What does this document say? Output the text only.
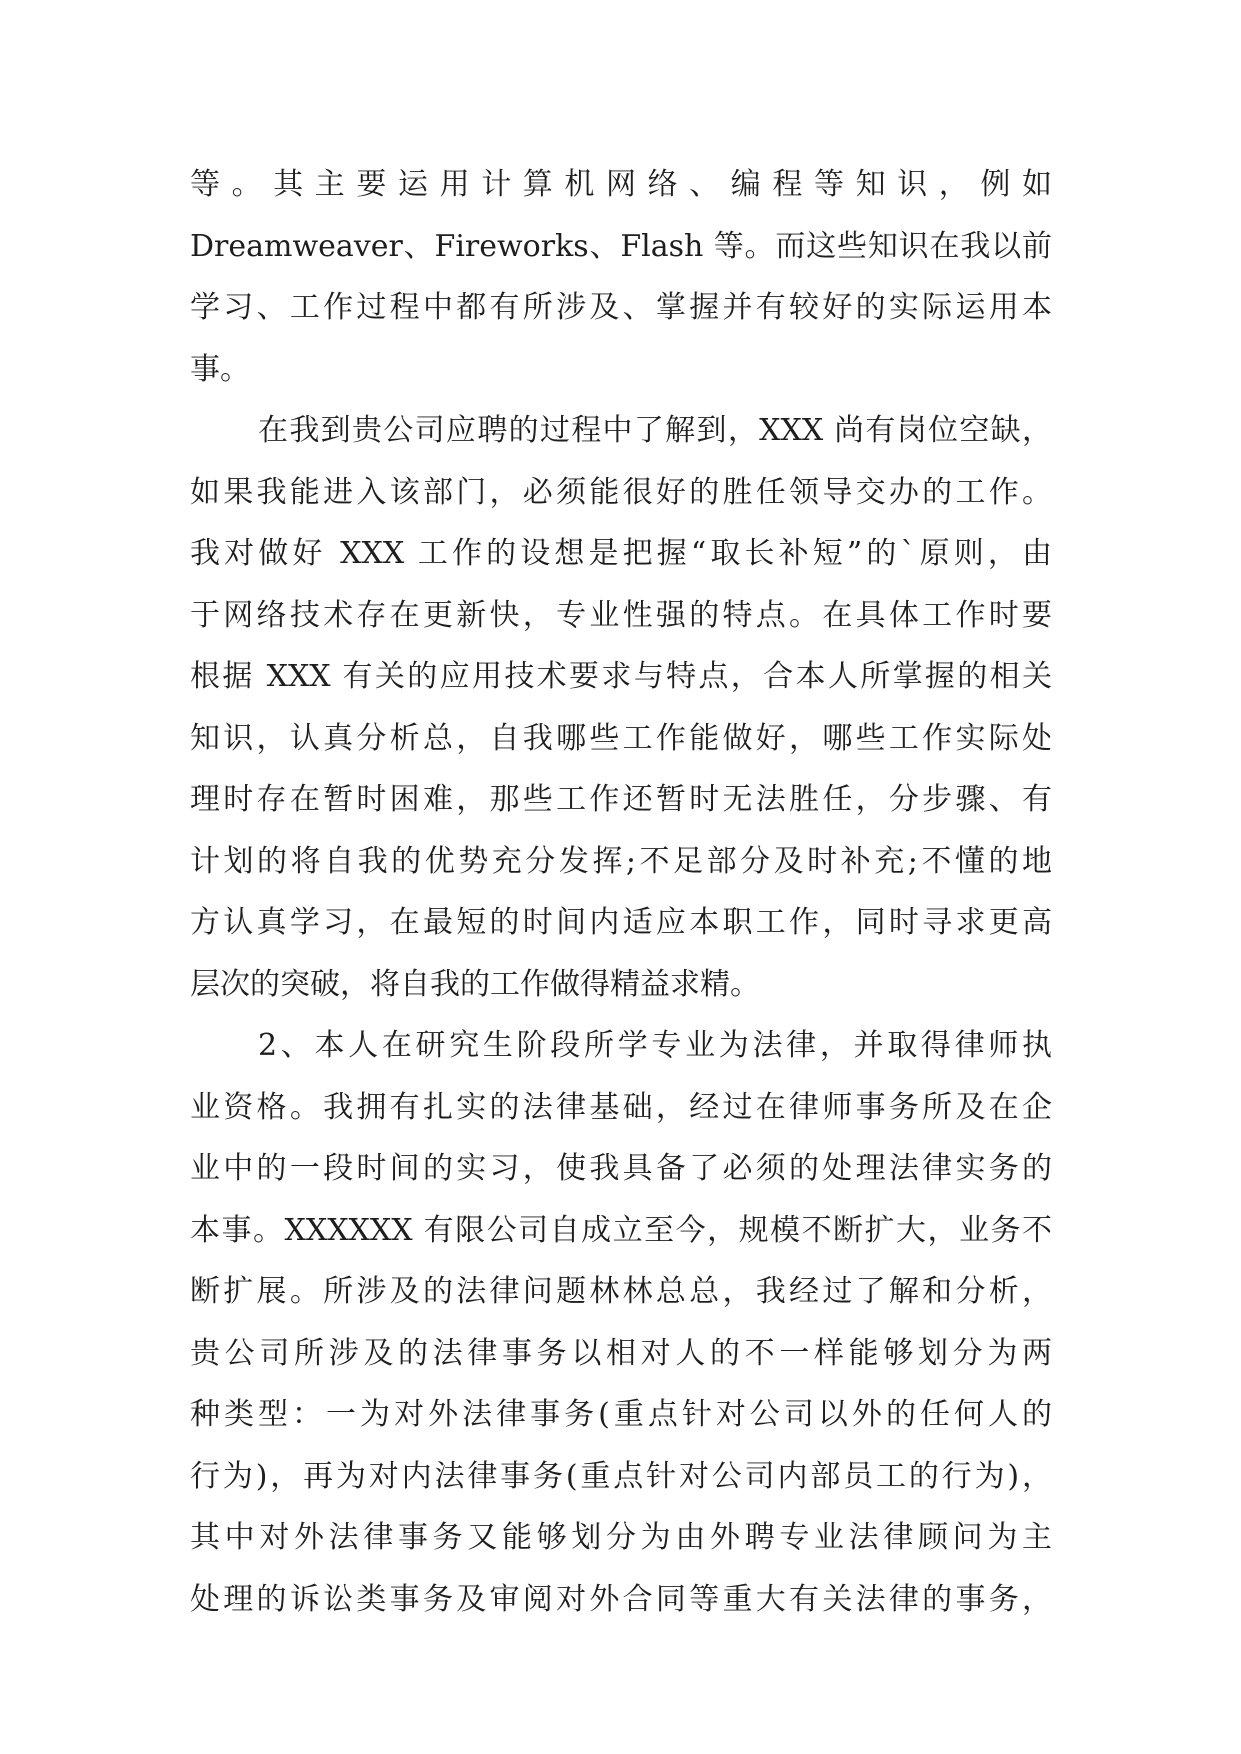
等。其主要运用计算机网络、编程等知识，例如
Dreamweaver、Fireworks、Flash 等。而这些知识在我以前
学习、工作过程中都有所涉及、掌握并有较好的实际运用本
事。
在我到贵公司应聘的过程中了解到，XXX 尚有岗位空缺，
如果我能进入该部门，必须能很好的胜任领导交办的工作。
我对做好 XXX 工作的设想是把握“取长补短”的`原则，由
于网络技术存在更新快，专业性强的特点。在具体工作时要
根据 XXX 有关的应用技术要求与特点，合本人所掌握的相关
知识，认真分析总，自我哪些工作能做好，哪些工作实际处
理时存在暂时困难，那些工作还暂时无法胜任，分步骤、有
计划的将自我的优势充分发挥;不足部分及时补充;不懂的地
方认真学习，在最短的时间内适应本职工作，同时寻求更高
层次的突破，将自我的工作做得精益求精。
2、本人在研究生阶段所学专业为法律，并取得律师执
业资格。我拥有扎实的法律基础，经过在律师事务所及在企
业中的一段时间的实习，使我具备了必须的处理法律实务的
本事。XXXXXX 有限公司自成立至今，规模不断扩大，业务不
断扩展。所涉及的法律问题林林总总，我经过了解和分析，
贵公司所涉及的法律事务以相对人的不一样能够划分为两
种类型：一为对外法律事务(重点针对公司以外的任何人的
行为)，再为对内法律事务(重点针对公司内部员工的行为)，
其中对外法律事务又能够划分为由外聘专业法律顾问为主
处理的诉讼类事务及审阅对外合同等重大有关法律的事务，
